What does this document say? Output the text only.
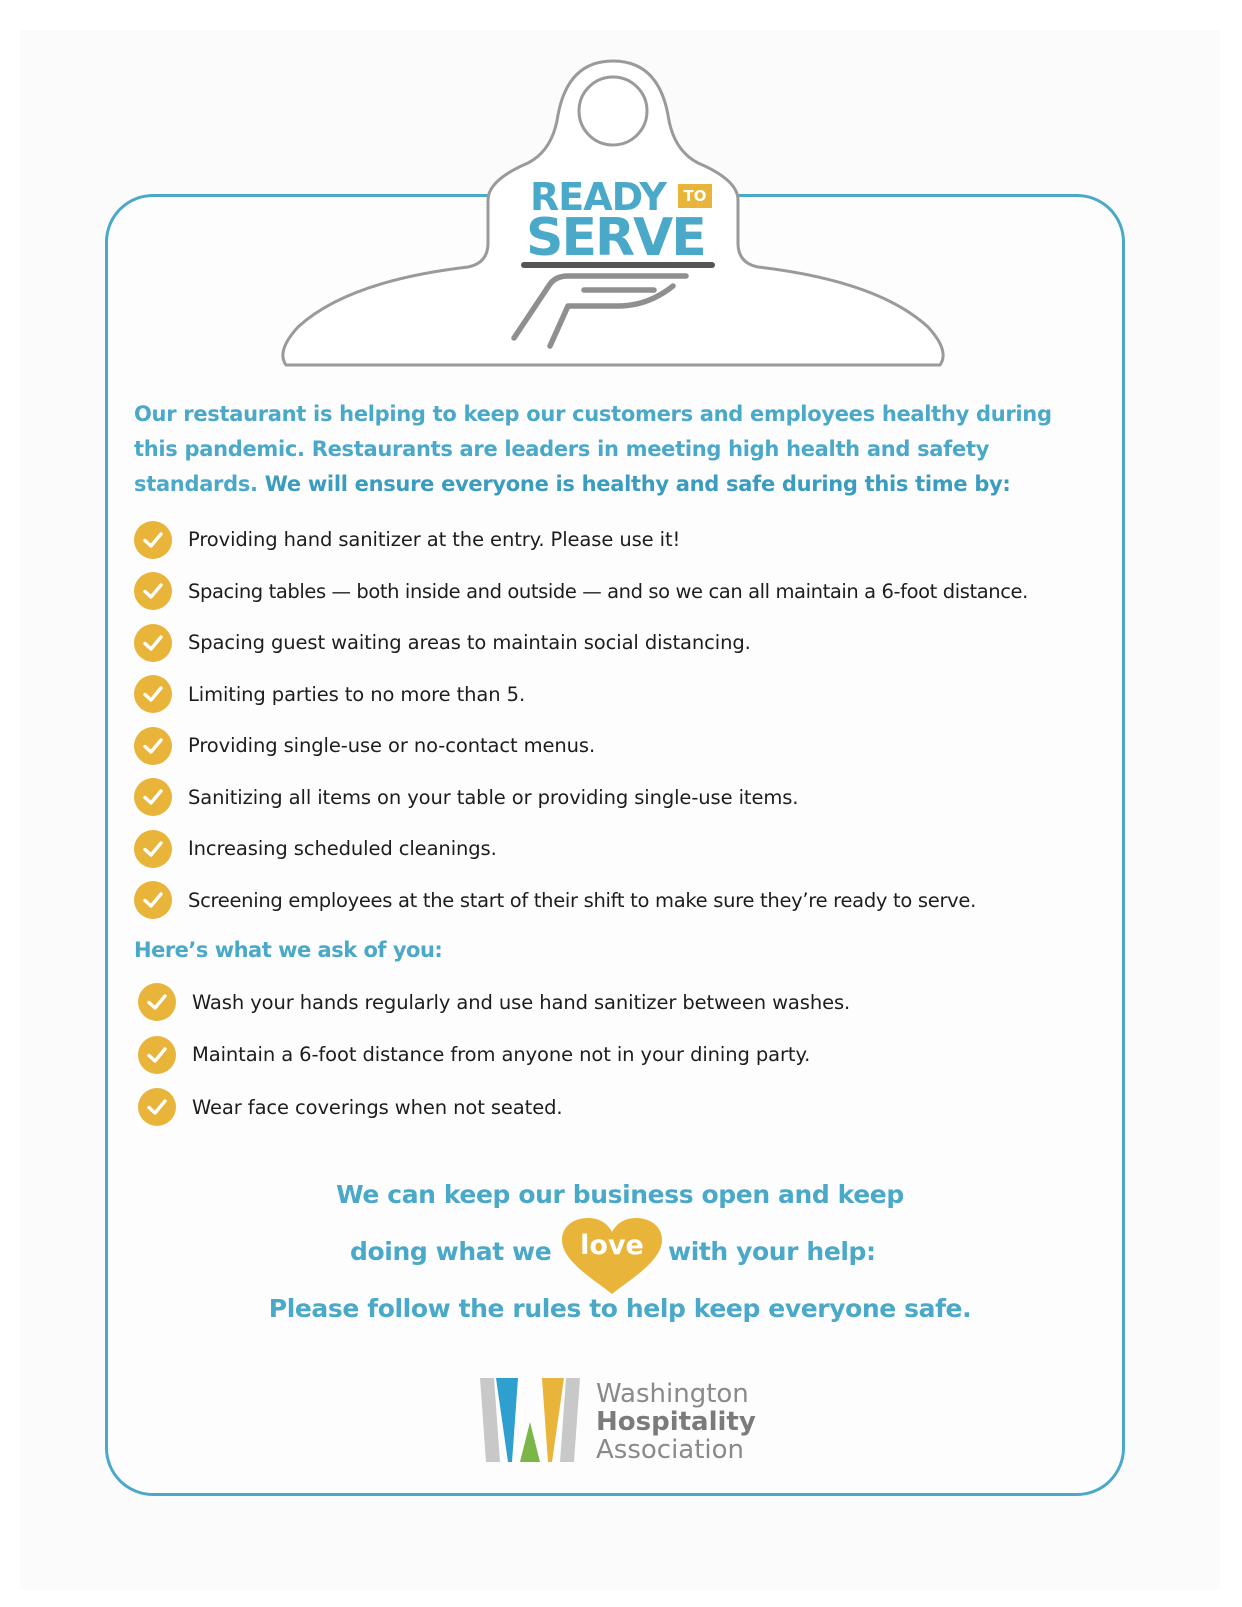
READY	TO
SERVE
Our restaurant is helping to keep our customers and employees healthy during this pandemic. Restaurants are leaders in meeting high health and safety standards. We will ensure everyone is healthy and safe during this time by:
Providing hand sanitizer at the entry. Please use it!
Spacing tables — both inside and outside — and so we can all maintain a 6-foot distance.
Spacing guest waiting areas to maintain social distancing.
Limiting parties to no more than 5.
Providing single-use or no-contact menus.
Sanitizing all items on your table or providing single-use items.
Increasing scheduled cleanings.
Screening employees at the start of their shift to make sure they’re ready to serve.
Here’s what we ask of you:
Wash your hands regularly and use hand sanitizer between washes.
Maintain a 6-foot distance from anyone not in your dining party.
Wear face coverings when not seated.
We can keep our business open and keep
doing what we	love with your help:
Please follow the rules to help keep everyone safe.
Washington
Hospitality
Association
